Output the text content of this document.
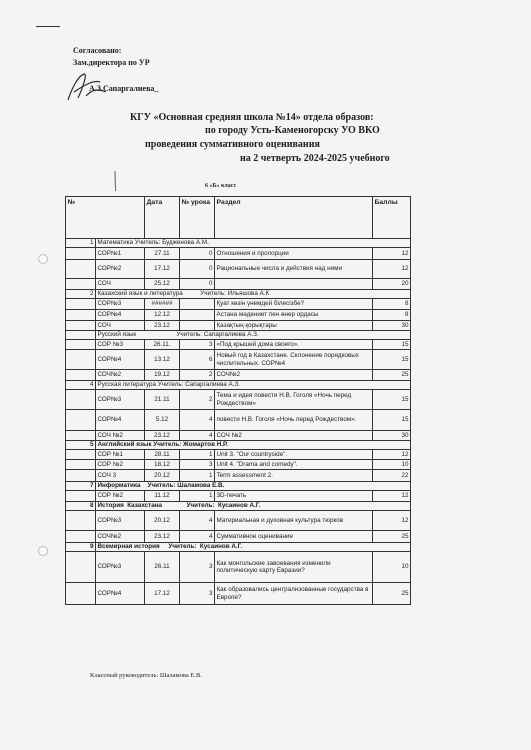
Согласовано:
Зам.директора по УР
А.З.Сапаргалиева_
КГУ «Основная средняя школа №14» отдела образов:
по городу Усть-Каменогорску УО ВКО
проведения суммативного оценивания
на 2 четверть 2024-2025 учебного
6 «Б» класс
№		Дата	№ урока	Раздел	Баллы
1	Математика Учитель: Будженова А.М.				
	СОР№1	27.11	0	Отношения и пропорции	12
	СОР№2	17.12	0	Рациональные числа и действия над ними	12
	СОЧ	25.12	0		20
2	Казахский язык и литература          Учитель: Ильяшова А.К				
	СОР№3	######		Қуат көзін үнемдей білесізбе?	8
	СОР№4	12.12		Астана мәдениет пен өнер ордасы	8
	СОЧ	23.12		Казақтың қорықтары	30
	Русский язык                       Учитель: Сапаргалиева А.З.				
	СОР №3	26.11.	3	«Под крышей дома своего».	15
	СОР№4	13.12	6	Новый год в Казахстане. Склонение порядковых числительных. СОР№4	15
	СОЧ№2	19.12	2	СОЧ№2	25
4	Русская литература Учитель: Сапаргалиева А.З.				
	СОР№3	21.11	2	Тема и идея повести Н.В. Гоголя «Ночь перед Рождеством»	15
	СОР№4	5.12	4	повести Н.В. Гоголя «Ночь перед Рождеством».	15
	СОЧ №2	23.12	4	СОЧ №2	30
5	Английский язык Учитель: Жомартов Н.Р.				
	СОР №1	28.11	1	Unit 3. "Our countryside".	12
	СОР №2	18.12	3	Unit 4. "Drama and comedy".	10
	СОЧ 3	20.12	1	Term assessment 2.	22
7	Информатика    Учитель: Шаламова Е.В.				
	СОР №2	11.12	1	3D-печать	12
8	История  Казахстана              Учитель:  Кусаинов А.Г.				
	СОР№3	20.12	4	Материальная и духовная культура тюрков	12
	СОЧ№2	23.12	4	Суммативное оценивание	25
9	Всемирная история     Учитель:  Кусаинов А.Г.				
	СОР№3	26.11	3	Как монгольские завоевания изменили политическую карту Евразии?	10
	СОР№4	17.12	3	Как образовались централизованные государства в Европе?	25
Классный руководитель: Шаламова Е.В.
